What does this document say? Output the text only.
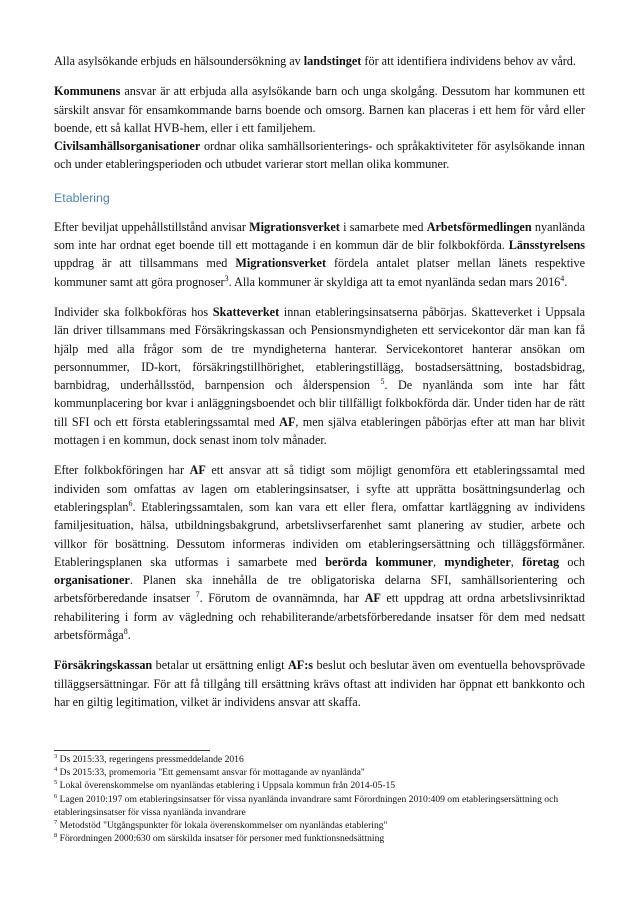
Alla asylsökande erbjuds en hälsoundersökning av landstinget för att identifiera individens behov av vård.

Kommunens ansvar är att erbjuda alla asylsökande barn och unga skolgång. Dessutom har kommunen ett särskilt ansvar för ensamkommande barns boende och omsorg. Barnen kan placeras i ett hem för vård eller boende, ett så kallat HVB-hem, eller i ett familjehem.

Civilsamhällsorganisationer ordnar olika samhällsorienterings- och språkaktiviteter för asylsökande innan och under etableringsperioden och utbudet varierar stort mellan olika kommuner.

Etablering

Efter beviljat uppehållstillstånd anvisar Migrationsverket i samarbete med Arbetsförmedlingen nyanlända som inte har ordnat eget boende till ett mottagande i en kommun där de blir folkbokförda. Länsstyrelsens uppdrag är att tillsammans med Migrationsverket fördela antalet platser mellan länets respektive kommuner samt att göra prognoser$^3$. Alla kommuner är skyldiga att ta emot nyanlända sedan mars 2016$^4$.

Individer ska folkbokföras hos Skatteverket innan etableringsinsatserna påbörjas. Skatteverket i Uppsala län driver tillsammans med Försäkringskassan och Pensionsmyndigheten ett servicekontor där man kan få hjälp med alla frågor som de tre myndigheterna hanterar. Servicekontoret hanterar ansökan om personnummer, ID-kort, försäkringstillhörighet, etableringstillägg, bostadsersättning, bostadsbidrag, barnbidrag, underhållsstöd, barnpension och ålderspension $^5$. De nyanlända som inte har fått kommunplacering bor kvar i anläggningsboendet och blir tillfälligt folkbokförda där. Under tiden har de rätt till SFI och ett första etableringssamtal med AF, men själva etableringen påbörjas efter att man har blivit mottagen i en kommun, dock senast inom tolv månader.

Efter folkbokföringen har AF ett ansvar att så tidigt som möjligt genomföra ett etableringssamtal med individen som omfattas av lagen om etableringsinsatser, i syfte att upprätta bosättningsunderlag och etableringsplan$^6$. Etableringssamtalen, som kan vara ett eller flera, omfattar kartläggning av individens familjesituation, hälsa, utbildningsbakgrund, arbetslivserfarenhet samt planering av studier, arbete och villkor för bosättning. Dessutom informeras individen om etableringsersättning och tilläggsförmåner. Etableringsplanen ska utformas i samarbete med berörda kommuner, myndigheter, företag och organisationer. Planen ska innehålla de tre obligatoriska delarna SFI, samhällsorientering och arbetsförberedande insatser $^7$. Förutom de ovannämnda, har AF ett uppdrag att ordna arbetslivsinriktad rehabilitering i form av vägledning och rehabiliterande/arbetsförberedande insatser för dem med nedsatt arbetsförmåga$^8$.

Försäkringskassan betalar ut ersättning enligt AF:s beslut och beslutar även om eventuella behovsprövade tilläggsersättningar. För att få tillgång till ersättning krävs oftast att individen har öppnat ett bankkonto och har en giltig legitimation, vilket är individens ansvar att skaffa.

$^3$ Ds 2015:33, regeringens pressmeddelande 2016

$^4$ Ds 2015:33, promemoria "Ett gemensamt ansvar för mottagande av nyanlända"

$^5$ Lokal överenskommelse om nyanländas etablering i Uppsala kommun från 2014-05-15

$^6$ Lagen 2010:197 om etableringsinsatser för vissa nyanlända invandrare samt Förordningen 2010:409 om etableringsersättning och etableringsinsatser för vissa nyanlända invandrare

$^7$ Metodstöd "Utgångspunkter för lokala överenskommelser om nyanländas etablering"

$^8$ Förordningen 2000:630 om särskilda insatser för personer med funktionsnedsättning
